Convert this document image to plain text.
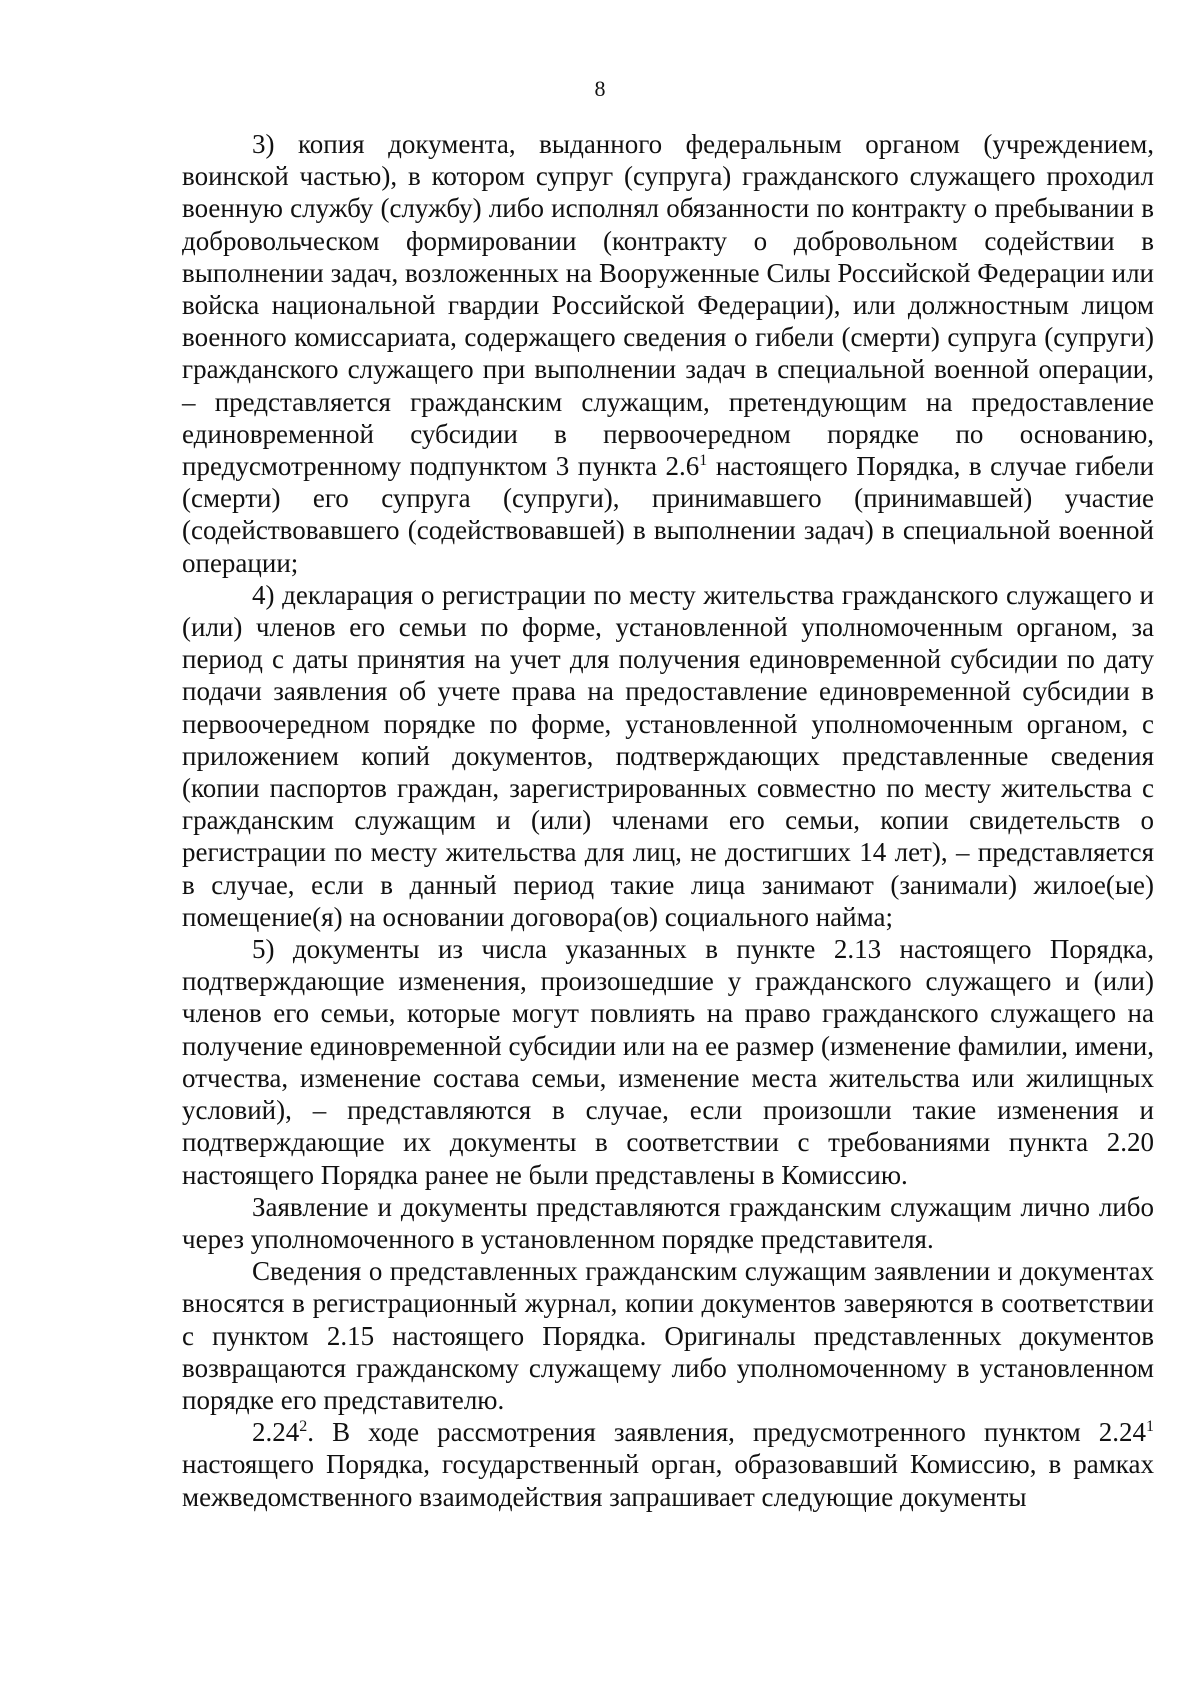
8

3) копия документа, выданного федеральным органом (учреждением, воинской частью), в котором супруг (супруга) гражданского служащего проходил военную службу (службу) либо исполнял обязанности по контракту о пребывании в добровольческом формировании (контракту о добровольном содействии в выполнении задач, возложенных на Вооруженные Силы Российской Федерации или войска национальной гвардии Российской Федерации), или должностным лицом военного комиссариата, содержащего сведения о гибели (смерти) супруга (супруги) гражданского служащего при выполнении задач в специальной военной операции, – представляется гражданским служащим, претендующим на предоставление единовременной субсидии в первоочередном порядке по основанию, предусмотренному подпунктом 3 пункта $2.6^1$ настоящего Порядка, в случае гибели (смерти) его супруга (супруги), принимавшего (принимавшей) участие (содействовавшего (содействовавшей) в выполнении задач) в специальной военной операции;

4) декларация о регистрации по месту жительства гражданского служащего и (или) членов его семьи по форме, установленной уполномоченным органом, за период с даты принятия на учет для получения единовременной субсидии по дату подачи заявления об учете права на предоставление единовременной субсидии в первоочередном порядке по форме, установленной уполномоченным органом, с приложением копий документов, подтверждающих представленные сведения (копии паспортов граждан, зарегистрированных совместно по месту жительства с гражданским служащим и (или) членами его семьи, копии свидетельств о регистрации по месту жительства для лиц, не достигших 14 лет), – представляется в случае, если в данный период такие лица занимают (занимали) жилое(ые) помещение(я) на основании договора(ов) социального найма;

5) документы из числа указанных в пункте 2.13 настоящего Порядка, подтверждающие изменения, произошедшие у гражданского служащего и (или) членов его семьи, которые могут повлиять на право гражданского служащего на получение единовременной субсидии или на ее размер (изменение фамилии, имени, отчества, изменение состава семьи, изменение места жительства или жилищных условий), – представляются в случае, если произошли такие изменения и подтверждающие их документы в соответствии с требованиями пункта 2.20 настоящего Порядка ранее не были представлены в Комиссию.

Заявление и документы представляются гражданским служащим лично либо через уполномоченного в установленном порядке представителя.

Сведения о представленных гражданским служащим заявлении и документах вносятся в регистрационный журнал, копии документов заверяются в соответствии с пунктом 2.15 настоящего Порядка. Оригиналы представленных документов возвращаются гражданскому служащему либо уполномоченному в установленном порядке его представителю.

2.24$^2$. В ходе рассмотрения заявления, предусмотренного пунктом 2.24$^1$ настоящего Порядка, государственный орган, образовавший Комиссию, в рамках межведомственного взаимодействия запрашивает следующие документы
